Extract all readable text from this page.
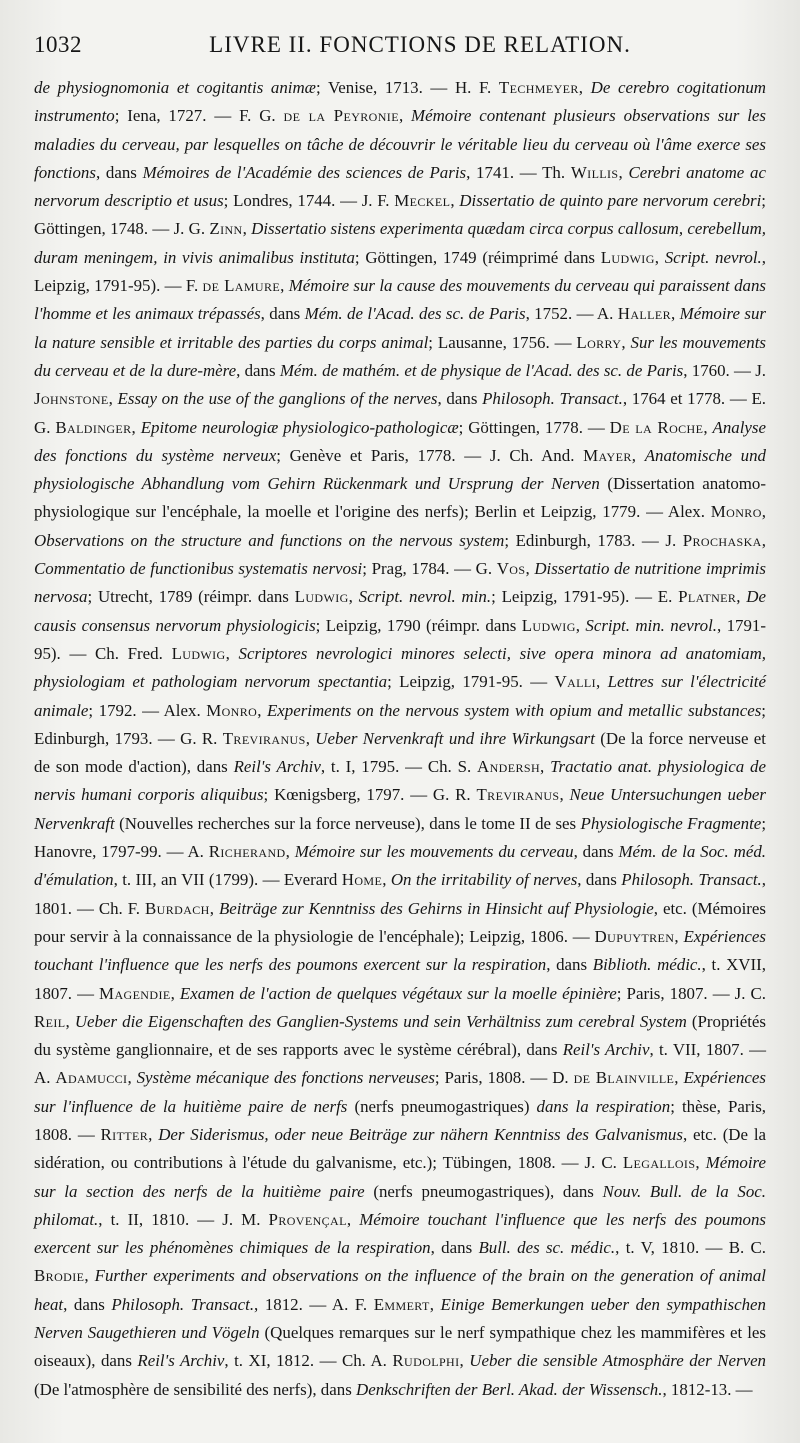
1032	LIVRE II. FONCTIONS DE RELATION.

de physiognomonia et cogitantis animæ; Venise, 1713. — H. F. Techmeyer, De cerebro cogitationum instrumento; Iena, 1727. — F. G. de la Peyronie, Mémoire contenant plusieurs observations sur les maladies du cerveau, par lesquelles on tâche de découvrir le véritable lieu du cerveau où l'âme exerce ses fonctions, dans Mémoires de l'Académie des sciences de Paris, 1741. — Th. Willis, Cerebri anatome ac nervorum descriptio et usus; Londres, 1744. — J. F. Meckel, Dissertatio de quinto pare nervorum cerebri; Göttingen, 1748. — J. G. Zinn, Dissertatio sistens experimenta quædam circa corpus callosum, cerebellum, duram meningem, in vivis animalibus instituta; Göttingen, 1749 (réimprimé dans Ludwig, Script. nevrol., Leipzig, 1791-95). — F. de Lamure, Mémoire sur la cause des mouvements du cerveau qui paraissent dans l'homme et les animaux trépassés, dans Mém. de l'Acad. des sc. de Paris, 1752. — A. Haller, Mémoire sur la nature sensible et irritable des parties du corps animal; Lausanne, 1756. — Lorry, Sur les mouvements du cerveau et de la dure-mère, dans Mém. de mathém. et de physique de l'Acad. des sc. de Paris, 1760. — J. Johnstone, Essay on the use of the ganglions of the nerves, dans Philosoph. Transact., 1764 et 1778. — E. G. Baldinger, Epitome neurologiæ physiologico-pathologicæ; Göttingen, 1778. — De la Roche, Analyse des fonctions du système nerveux; Genève et Paris, 1778. — J. Ch. And. Mayer, Anatomische und physiologische Abhandlung vom Gehirn Rückenmark und Ursprung der Nerven (Dissertation anatomo-physiologique sur l'encéphale, la moelle et l'origine des nerfs); Berlin et Leipzig, 1779. — Alex. Monro, Observations on the structure and functions on the nervous system; Edinburgh, 1783. — J. Prochaska, Commentatio de functionibus systematis nervosi; Prag, 1784. — G. Vos, Dissertatio de nutritione imprimis nervosa; Utrecht, 1789 (réimpr. dans Ludwig, Script. nevrol. min.; Leipzig, 1791-95). — E. Platner, De causis consensus nervorum physiologicis; Leipzig, 1790 (réimpr. dans Ludwig, Script. min. nevrol., 1791-95). — Ch. Fred. Ludwig, Scriptores nevrologici minores selecti, sive opera minora ad anatomiam, physiologiam et pathologiam nervorum spectantia; Leipzig, 1791-95. — Valli, Lettres sur l'électricité animale; 1792. — Alex. Monro, Experiments on the nervous system with opium and metallic substances; Edinburgh, 1793. — G. R. Treviranus, Ueber Nervenkraft und ihre Wirkungsart (De la force nerveuse et de son mode d'action), dans Reil's Archiv, t. I, 1795. — Ch. S. Andersh, Tractatio anat. physiologica de nervis humani corporis aliquibus; Kœnigsberg, 1797. — G. R. Treviranus, Neue Untersuchungen ueber Nervenkraft (Nouvelles recherches sur la force nerveuse), dans le tome II de ses Physiologische Fragmente; Hanovre, 1797-99. — A. Richerand, Mémoire sur les mouvements du cerveau, dans Mém. de la Soc. méd. d'émulation, t. III, an VII (1799). — Everard Home, On the irritability of nerves, dans Philosoph. Transact., 1801. — Ch. F. Burdach, Beiträge zur Kenntniss des Gehirns in Hinsicht auf Physiologie, etc. (Mémoires pour servir à la connaissance de la physiologie de l'encéphale); Leipzig, 1806. — Dupuytren, Expériences touchant l'influence que les nerfs des poumons exercent sur la respiration, dans Biblioth. médic., t. XVII, 1807. — Magendie, Examen de l'action de quelques végétaux sur la moelle épinière; Paris, 1807. — J. C. Reil, Ueber die Eigenschaften des Ganglien-Systems und sein Verhältniss zum cerebral System (Propriétés du système ganglionnaire, et de ses rapports avec le système cérébral), dans Reil's Archiv, t. VII, 1807. — A. Adamucci, Système mécanique des fonctions nerveuses; Paris, 1808. — D. de Blainville, Expériences sur l'influence de la huitième paire de nerfs (nerfs pneumogastriques) dans la respiration; thèse, Paris, 1808. — Ritter, Der Siderismus, oder neue Beiträge zur nähern Kenntniss des Galvanismus, etc. (De la sidération, ou contributions à l'étude du galvanisme, etc.); Tübingen, 1808. — J. C. Legallois, Mémoire sur la section des nerfs de la huitième paire (nerfs pneumogastriques), dans Nouv. Bull. de la Soc. philomat., t. II, 1810. — J. M. Provençal, Mémoire touchant l'influence que les nerfs des poumons exercent sur les phénomènes chimiques de la respiration, dans Bull. des sc. médic., t. V, 1810. — B. C. Brodie, Further experiments and observations on the influence of the brain on the generation of animal heat, dans Philosoph. Transact., 1812. — A. F. Emmert, Einige Bemerkungen ueber den sympathischen Nerven Saugethieren und Vögeln (Quelques remarques sur le nerf sympathique chez les mammifères et les oiseaux), dans Reil's Archiv, t. XI, 1812. — Ch. A. Rudolphi, Ueber die sensible Atmosphäre der Nerven (De l'atmosphère de sensibilité des nerfs), dans Denkschriften der Berl. Akad. der Wissensch., 1812-13. —
